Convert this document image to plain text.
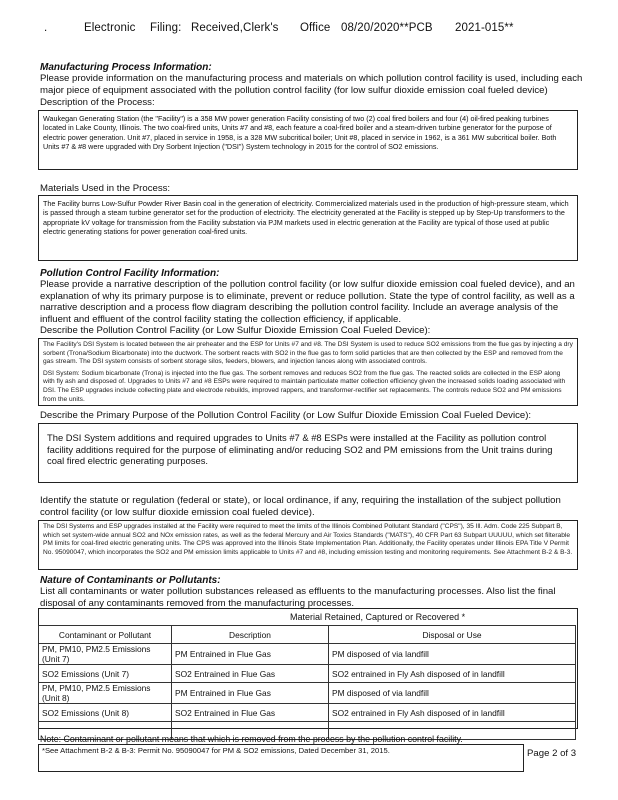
.	Electronic Filing: Received,Clerk's Office 08/20/2020**PCB 2021-015**
Manufacturing Process Information:
Please provide information on the manufacturing process and materials on which pollution control facility is used, including each major piece of equipment associated with the pollution control facility (for low sulfur dioxide emission coal fueled device)
Description of the Process:
Waukegan Generating Station (the "Facility") is a 358 MW power generation Facility consisting of two (2) coal fired boilers and four (4) oil-fired peaking turbines located in Lake County, Illinois. The two coal-fired units, Units #7 and #8, each feature a coal-fired boiler and a steam-driven turbine generator for the purpose of electric power generation. Unit #7, placed in service in 1958, is a 328 MW subcritical boiler; Unit #8, placed in service in 1962, is a 361 MW subcritical boiler. Both Units #7 & #8 were upgraded with Dry Sorbent Injection ("DSI") System technology in 2015 for the control of SO2 emissions.
Materials Used in the Process:
The Facility burns Low-Sulfur Powder River Basin coal in the generation of electricity. Commercialized materials used in the production of high-pressure steam, which is passed through a steam turbine generator set for the production of electricity. The electricity generated at the Facility is stepped up by Step-Up transformers to the appropriate kV voltage for transmission from the Facility substation via PJM markets used in electric generation at the Facility are typical of those used at public electric generating stations for power generation coal-fired units.
Pollution Control Facility Information:
Please provide a narrative description of the pollution control facility (or low sulfur dioxide emission coal fueled device), and an explanation of why its primary purpose is to eliminate, prevent or reduce pollution. State the type of control facility, as well as a narrative description and a process flow diagram describing the pollution control facility. Include an average analysis of the influent and effluent of the control facility stating the collection efficiency, if applicable.
Describe the Pollution Control Facility (or Low Sulfur Dioxide Emission Coal Fueled Device):
The Facility's DSI System is located between the air preheater and the ESP for Units #7 and #8. The DSI System is used to reduce SO2 emissions from the flue gas by injecting a dry sorbent (Trona/Sodium Bicarbonate) into the ductwork. The sorbent reacts with SO2 in the flue gas to form solid particles that are then collected by the ESP and removed from the gas stream. The DSI system consists of sorbent storage silos, feeders, blowers, and injection lances along with associated controls.
DSI System: Sodium bicarbonate (Trona) is injected into the flue gas. The sorbent removes and reduces SO2 from the flue gas. The reacted solids are collected in the ESP along with fly ash and disposed of. Upgrades to Units #7 and #8 ESPs were required to maintain particulate matter collection efficiency given the increased solids loading associated with DSI. The ESP upgrades include collecting plate and electrode rebuilds, improved rappers, and transformer-rectifier set replacements. The controls reduce SO2 and PM emissions from the units.
Describe the Primary Purpose of the Pollution Control Facility (or Low Sulfur Dioxide Emission Coal Fueled Device):
The DSI System additions and required upgrades to Units #7 & #8 ESPs were installed at the Facility as pollution control facility additions required for the purpose of eliminating and/or reducing SO2 and PM emissions from the Unit trains during coal fired electric generating purposes.
Identify the statute or regulation (federal or state), or local ordinance, if any, requiring the installation of the subject pollution control facility (or low sulfur dioxide emission coal fueled device).
The DSI Systems and ESP upgrades installed at the Facility were required to meet the limits of the Illinois Combined Pollutant Standard ("CPS"), 35 Ill. Adm. Code 225 Subpart B, which set system-wide annual SO2 and NOx emission rates, as well as the federal Mercury and Air Toxics Standards ("MATS"), 40 CFR Part 63 Subpart UUUUU, which set filterable PM limits for coal-fired electric generating units. The CPS was approved into the Illinois State Implementation Plan. Additionally, the Facility operates under Illinois EPA Title V Permit No. 95090047, which incorporates the SO2 and PM emission limits applicable to Units #7 and #8, including emission testing and monitoring requirements. See Attachment B-2 & B-3.
Nature of Contaminants or Pollutants:
List all contaminants or water pollution substances released as effluents to the manufacturing processes. Also list the final disposal of any contaminants removed from the manufacturing processes.
Material Retained, Captured or Recovered *
Contaminant or Pollutant	Description	Disposal or Use
PM, PM10, PM2.5 Emissions (Unit 7)	PM Entrained in Flue Gas	PM disposed of via landfill
SO2 Emissions (Unit 7)	SO2 Entrained in Flue Gas	SO2 entrained in Fly Ash disposed of in landfill
PM, PM10, PM2.5 Emissions (Unit 8)	PM Entrained in Flue Gas	PM disposed of via landfill
SO2 Emissions (Unit 8)	SO2 Entrained in Flue Gas	SO2 entrained in Fly Ash disposed of in landfill

Note: Contaminant or pollutant means that which is removed from the process by the pollution control facility.
*See Attachment B-2 & B-3: Permit No. 95090047 for PM & SO2 emissions, Dated December 31, 2015.	Page 2 of 3
